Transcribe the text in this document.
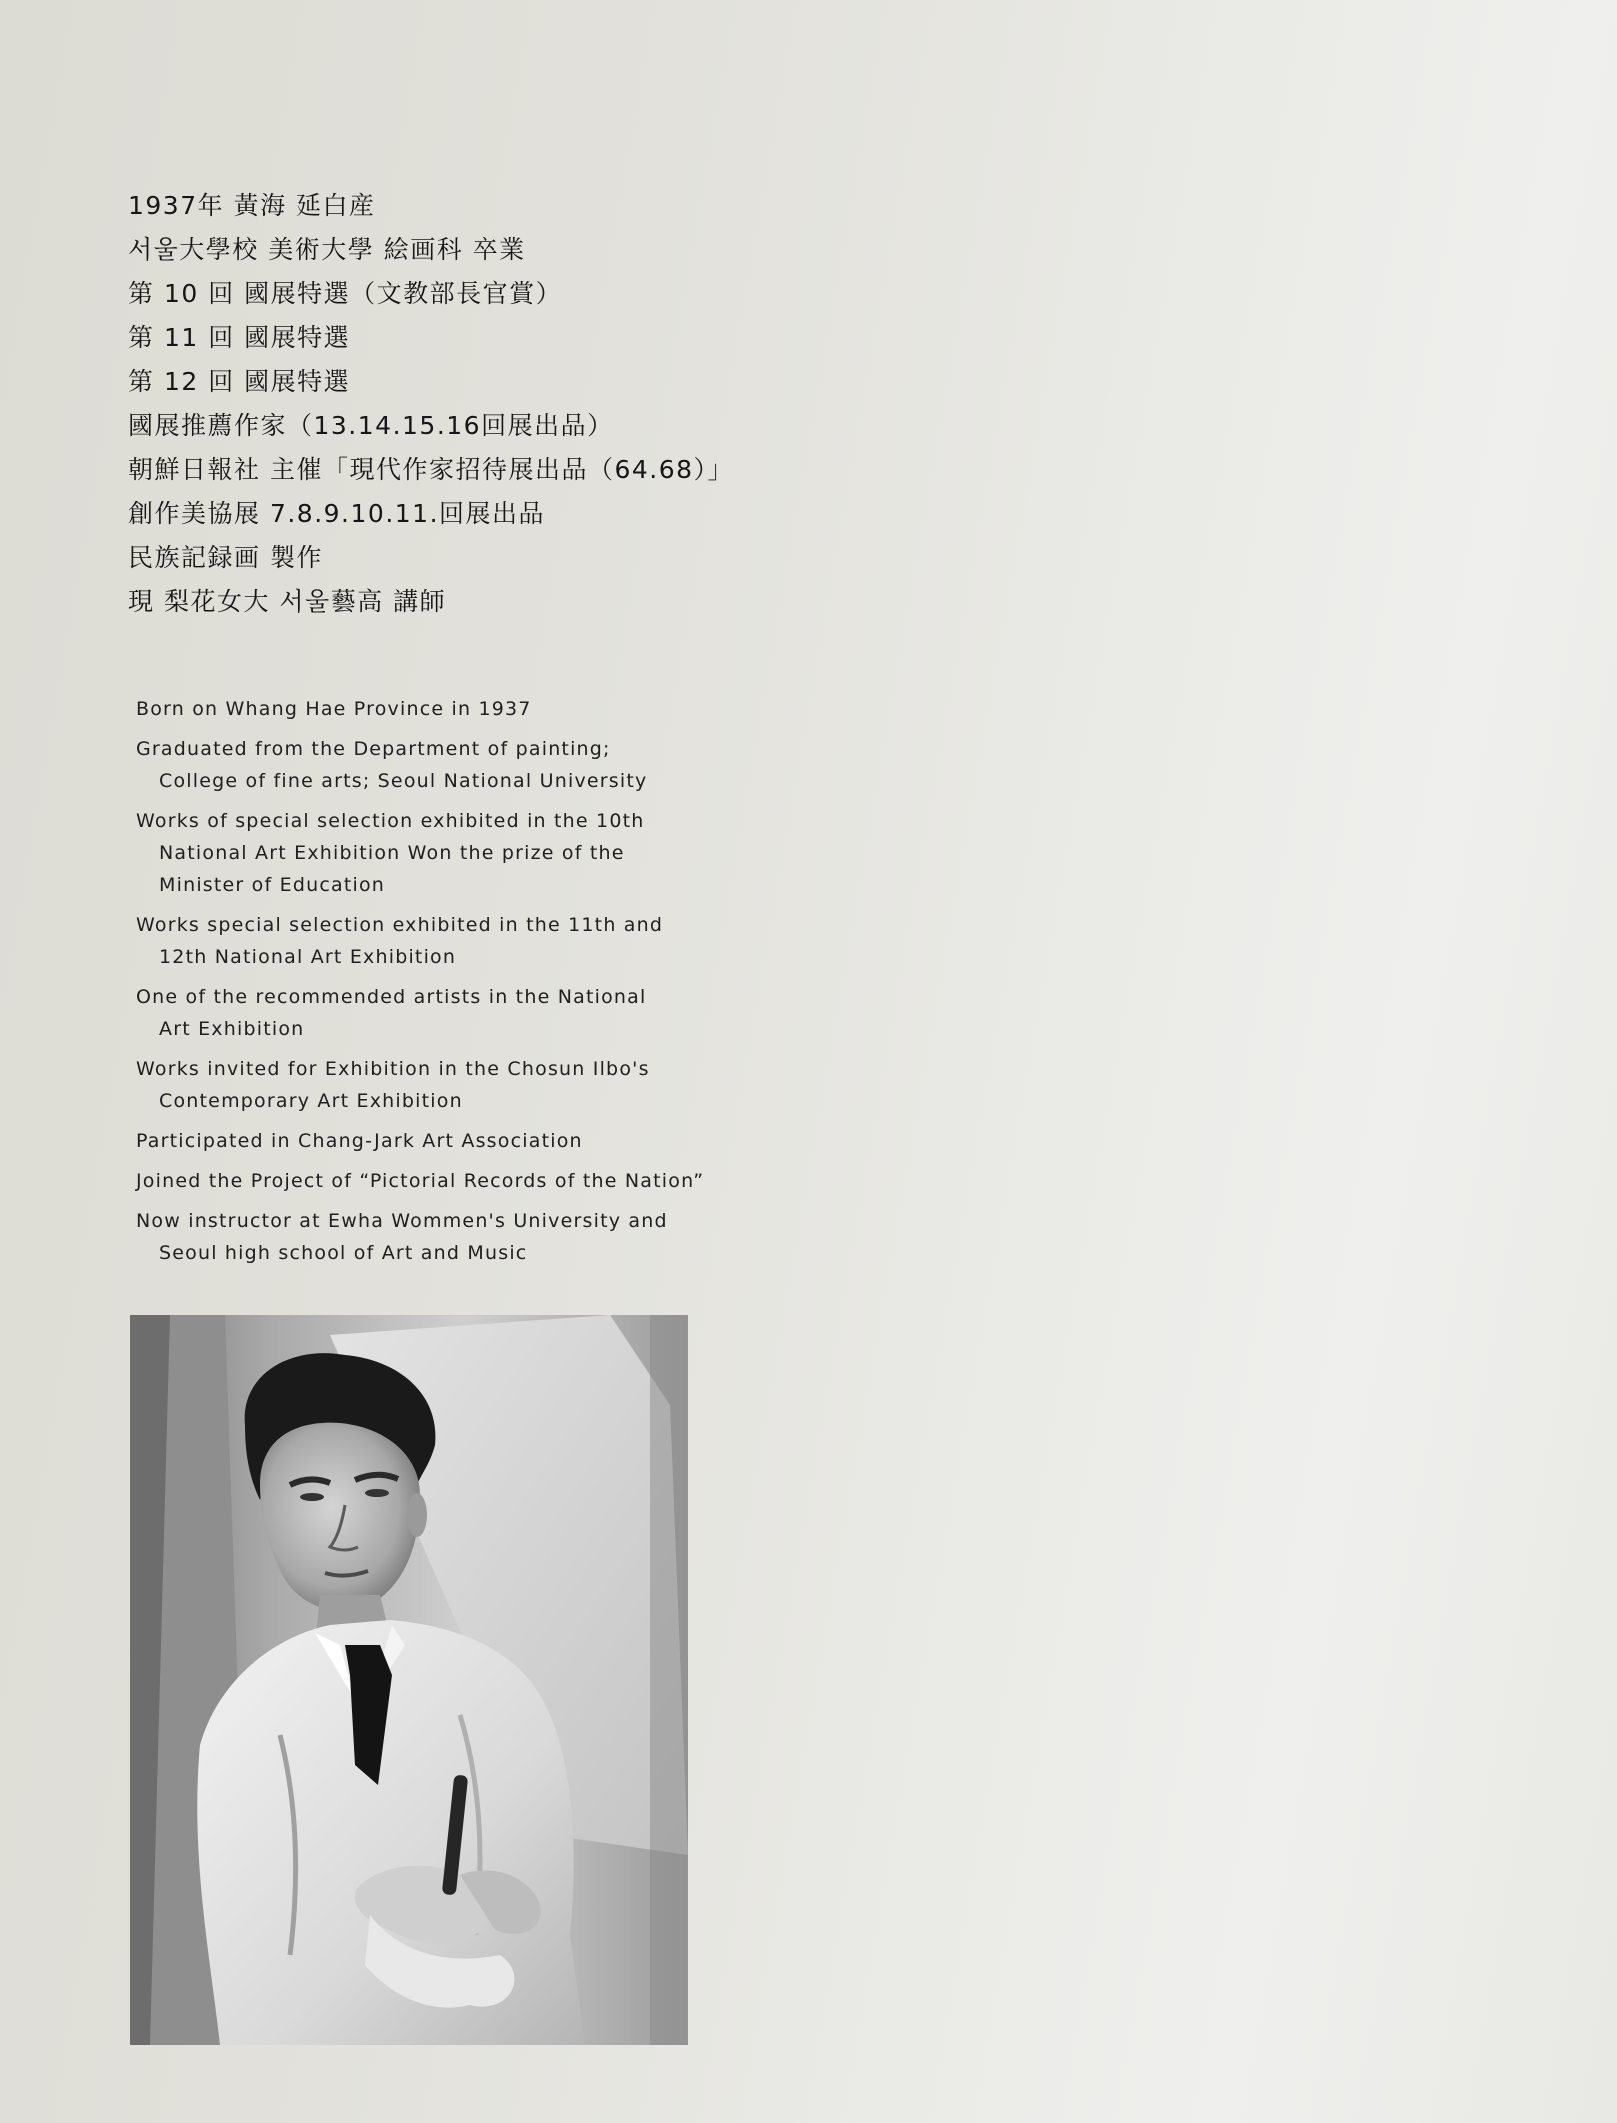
1937年 黃海 延白産
서울大學校 美術大學 絵画科 卒業
第 10 回 國展特選（文教部長官賞）
第 11 回 國展特選
第 12 回 國展特選
國展推薦作家（13.14.15.16回展出品）
朝鮮日報社 主催「現代作家招待展出品（64.68）」
創作美協展 7.8.9.10.11.回展出品
民族記録画 製作
現 梨花女大 서울藝高 講師
Born on Whang Hae Province in 1937
Graduated from the Department of painting;
College of fine arts; Seoul National University
Works of special selection exhibited in the 10th
National Art Exhibition Won the prize of the
Minister of Education
Works special selection exhibited in the 11th and
12th National Art Exhibition
One of the recommended artists in the National
Art Exhibition
Works invited for Exhibition in the Chosun Ilbo's
Contemporary Art Exhibition
Participated in Chang-Jark Art Association
Joined the Project of “Pictorial Records of the Nation”
Now instructor at Ewha Wommen's University and
Seoul high school of Art and Music
